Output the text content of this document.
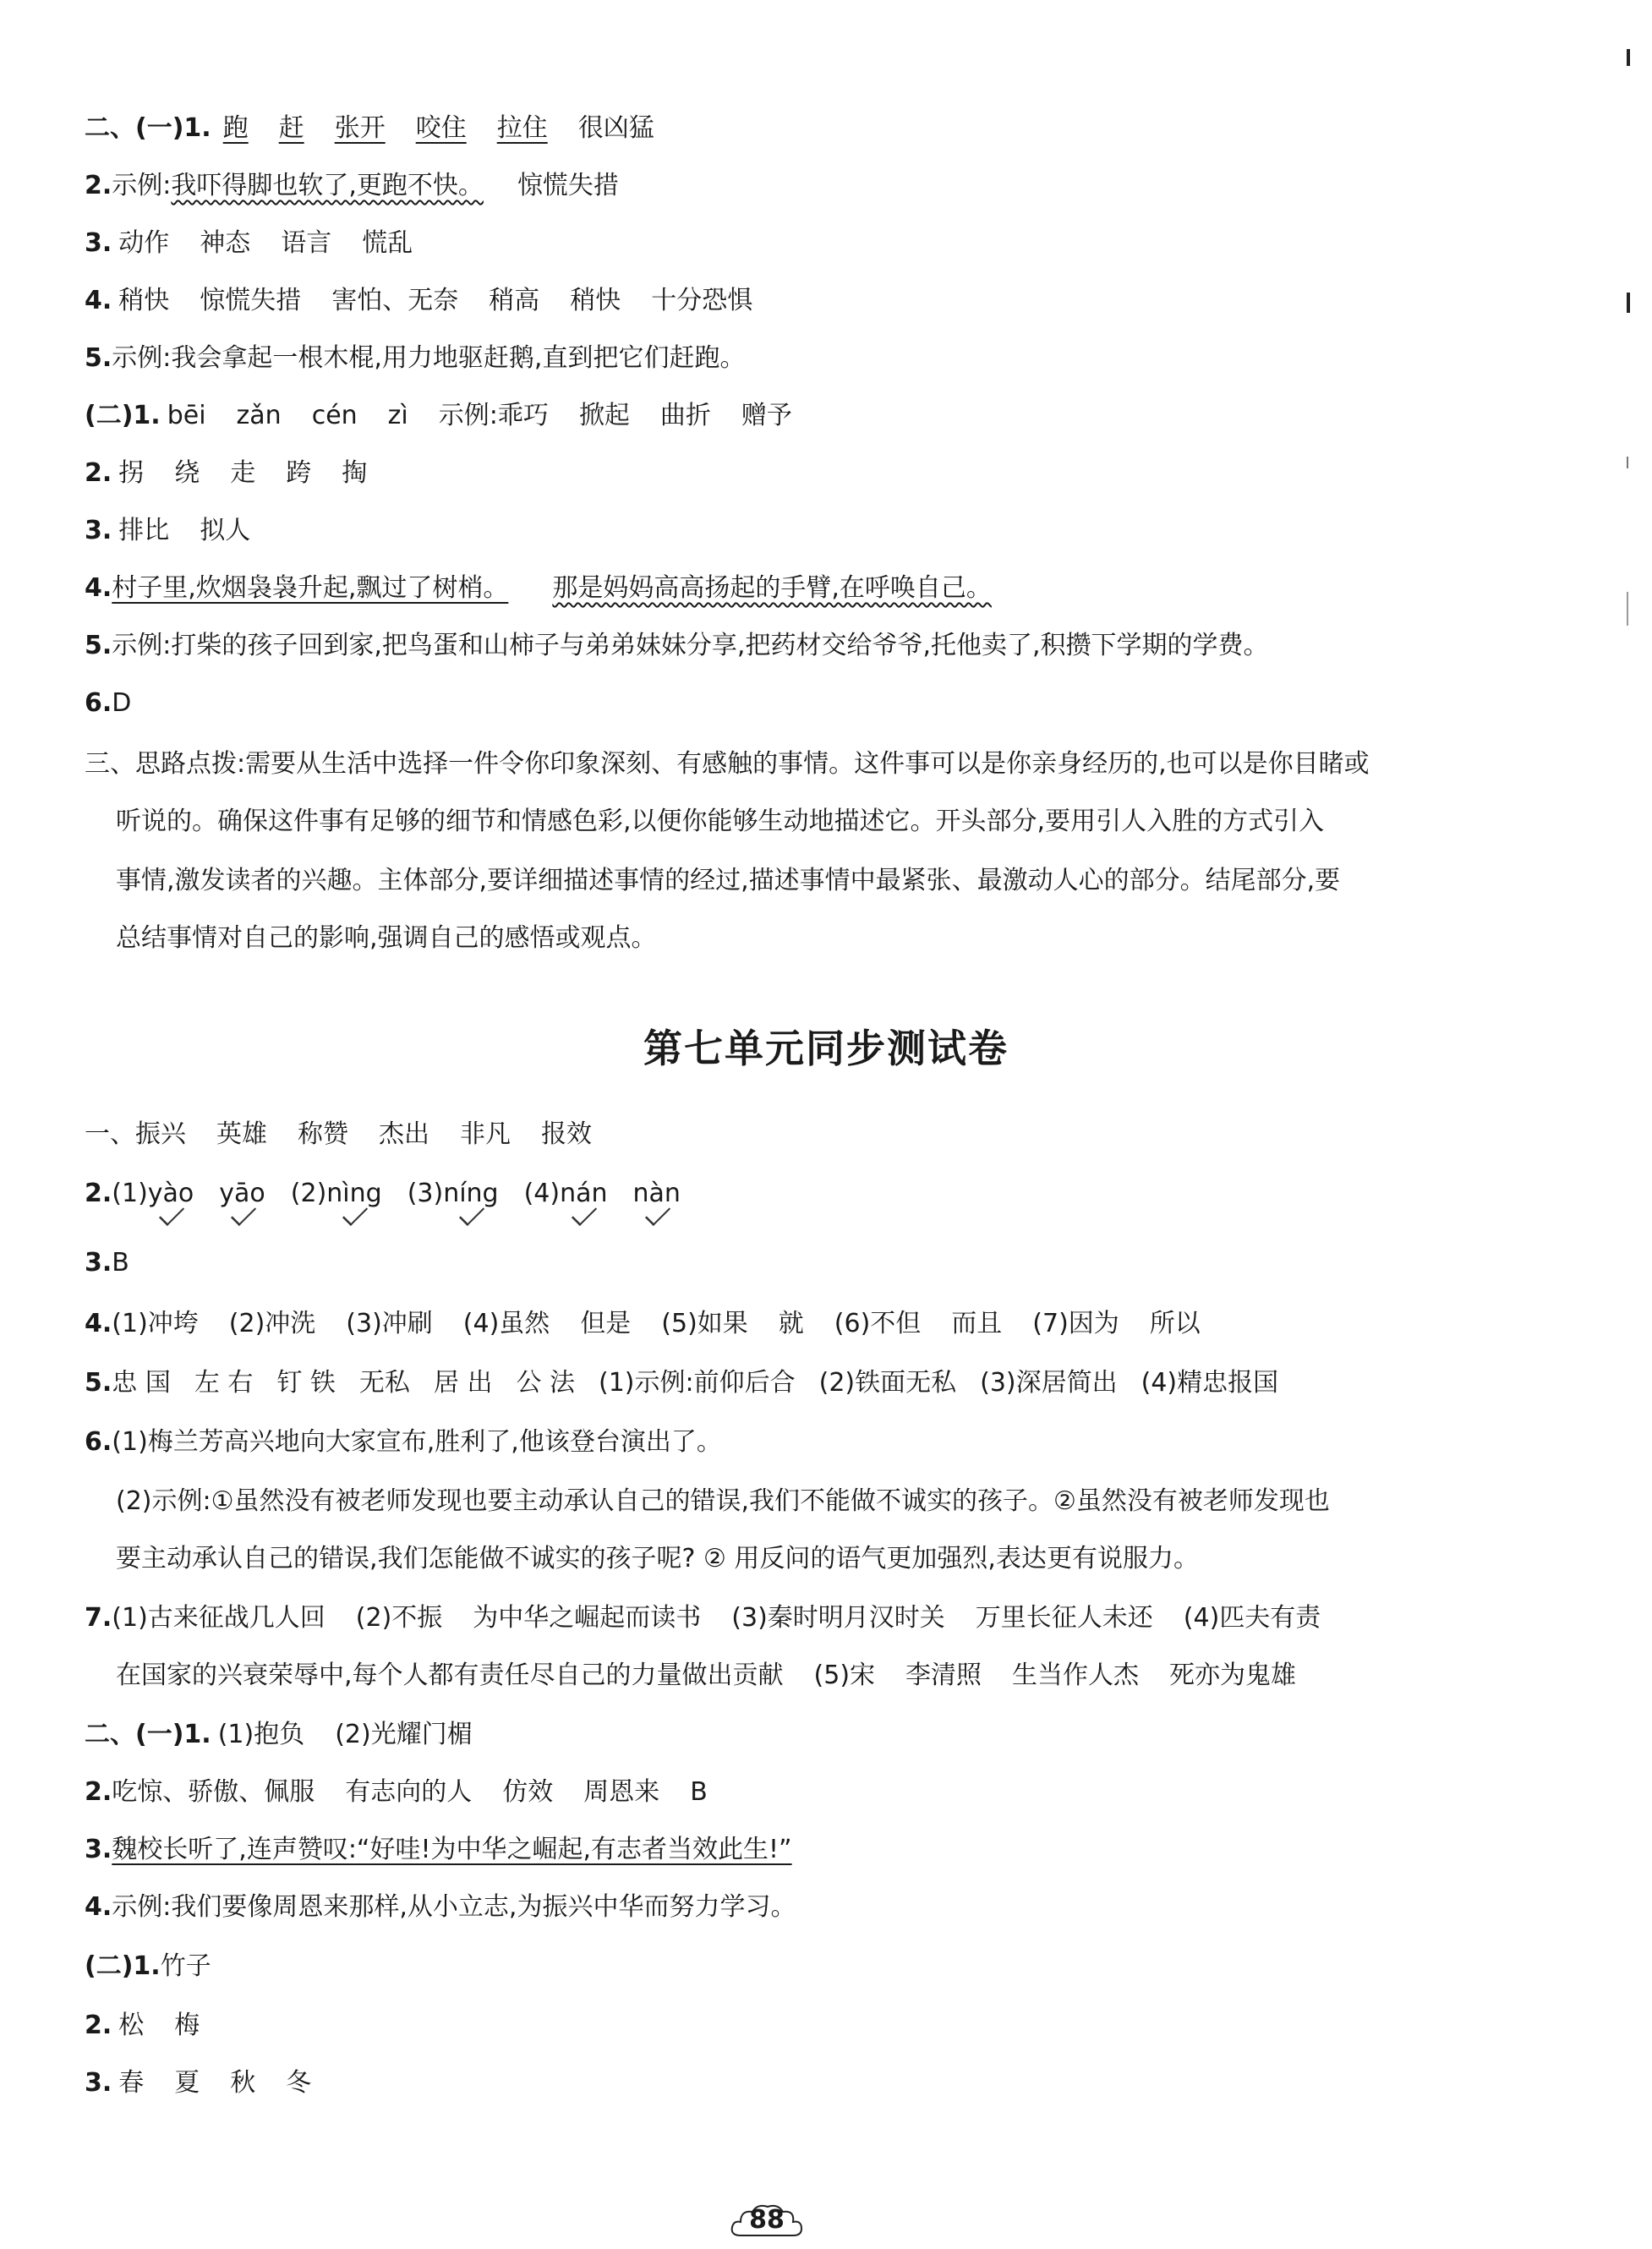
二、(一)1. 跑 赶 张开 咬住 拉住 很凶猛
2.示例:我吓得脚也软了,更跑不快。 惊慌失措
3. 动作 神态 语言 慌乱
4. 稍快 惊慌失措 害怕、无奈 稍高 稍快 十分恐惧
5.示例:我会拿起一根木棍,用力地驱赶鹅,直到把它们赶跑。
(二)1. bēi zǎn cén zì 示例:乖巧 掀起 曲折 赠予
2. 拐 绕 走 跨 掏
3. 排比 拟人
4.村子里,炊烟袅袅升起,飘过了树梢。 那是妈妈高高扬起的手臂,在呼唤自己。
5.示例:打柴的孩子回到家,把鸟蛋和山柿子与弟弟妹妹分享,把药材交给爷爷,托他卖了,积攒下学期的学费。
6.D
三、思路点拨:需要从生活中选择一件令你印象深刻、有感触的事情。这件事可以是你亲身经历的,也可以是你目睹或
听说的。确保这件事有足够的细节和情感色彩,以便你能够生动地描述它。开头部分,要用引人入胜的方式引入
事情,激发读者的兴趣。主体部分,要详细描述事情的经过,描述事情中最紧张、最激动人心的部分。结尾部分,要
总结事情对自己的影响,强调自己的感悟或观点。
第七单元同步测试卷
一、振兴 英雄 称赞 杰出 非凡 报效
2.(1)yào yāo (2)nìng (3)níng (4)nán nàn
3.B
4.(1)冲垮 (2)冲洗 (3)冲刷 (4)虽然 但是 (5)如果 就 (6)不但 而且 (7)因为 所以
5.忠 国 左 右 钉 铁 无私 居 出 公 法 (1)示例:前仰后合 (2)铁面无私 (3)深居简出 (4)精忠报国
6.(1)梅兰芳高兴地向大家宣布,胜利了,他该登台演出了。
(2)示例:①虽然没有被老师发现也要主动承认自己的错误,我们不能做不诚实的孩子。②虽然没有被老师发现也
要主动承认自己的错误,我们怎能做不诚实的孩子呢? ② 用反问的语气更加强烈,表达更有说服力。
7.(1)古来征战几人回 (2)不振 为中华之崛起而读书 (3)秦时明月汉时关 万里长征人未还 (4)匹夫有责
在国家的兴衰荣辱中,每个人都有责任尽自己的力量做出贡献 (5)宋 李清照 生当作人杰 死亦为鬼雄
二、(一)1. (1)抱负 (2)光耀门楣
2.吃惊、骄傲、佩服 有志向的人 仿效 周恩来 B
3.魏校长听了,连声赞叹:“好哇!为中华之崛起,有志者当效此生!”
4.示例:我们要像周恩来那样,从小立志,为振兴中华而努力学习。
(二)1.竹子
2. 松 梅
3. 春 夏 秋 冬
88
